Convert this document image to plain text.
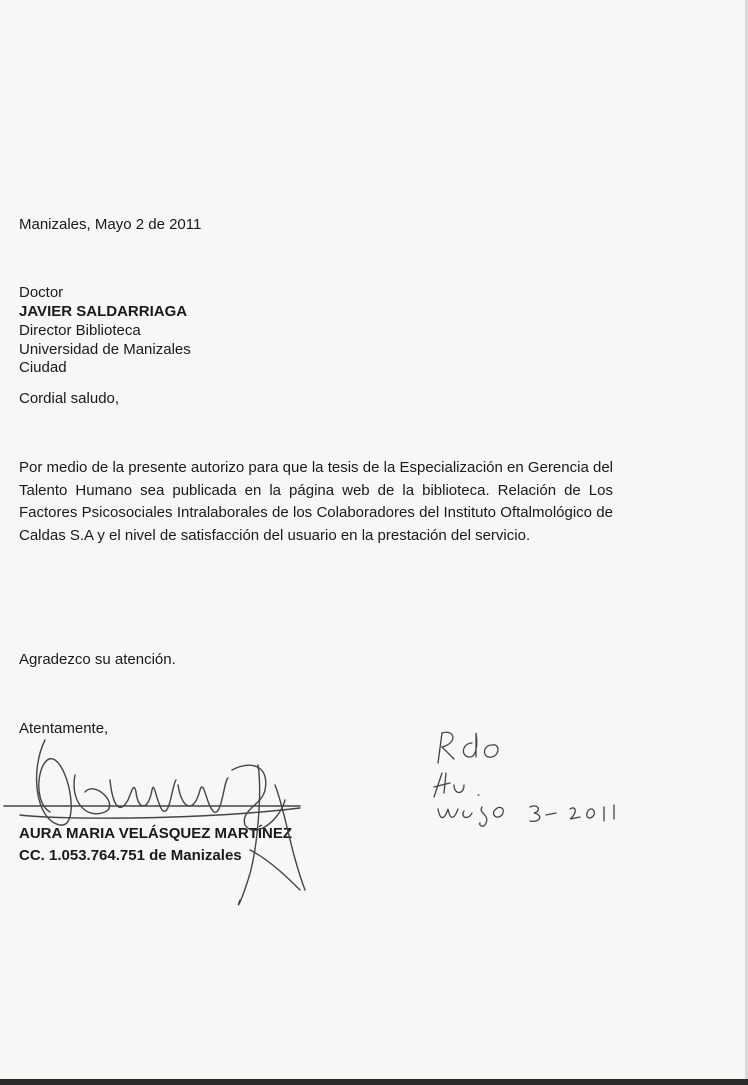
Manizales, Mayo 2 de 2011
Doctor
JAVIER SALDARRIAGA
Director Biblioteca
Universidad de Manizales
Ciudad
Cordial saludo,
Por medio de la presente autorizo para que la tesis de la Especialización en Gerencia del Talento Humano sea publicada en la página web de la biblioteca. Relación de Los Factores Psicosociales Intralaborales de los Colaboradores del Instituto Oftalmológico de Caldas S.A y el nivel de satisfacción del usuario en la prestación del servicio.
Agradezco su atención.
Atentamente,
AURA MARIA VELÁSQUEZ MARTÍNEZ
CC. 1.053.764.751 de Manizales
